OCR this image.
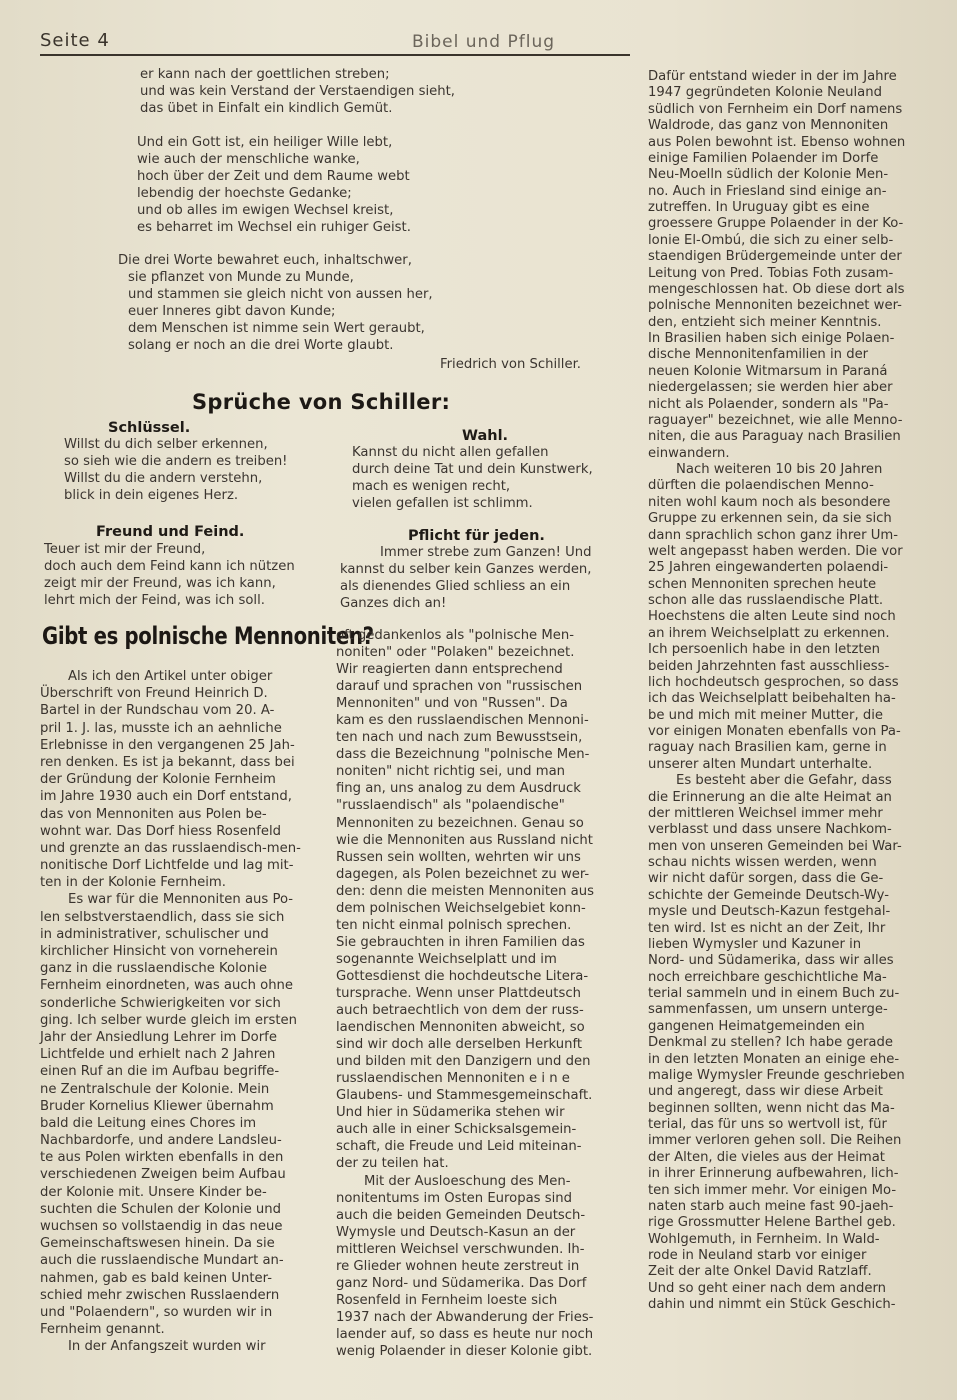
Seite 4	Bibel und Pflug
er kann nach der goettlichen streben;
und was kein Verstand der Verstaendigen sieht,
das übet in Einfalt ein kindlich Gemüt.
Und ein Gott ist, ein heiliger Wille lebt,
wie auch der menschliche wanke,
hoch über der Zeit und dem Raume webt
lebendig der hoechste Gedanke;
und ob alles im ewigen Wechsel kreist,
es beharret im Wechsel ein ruhiger Geist.
Die drei Worte bewahret euch, inhaltschwer,
sie pflanzet von Munde zu Munde,
und stammen sie gleich nicht von aussen her,
euer Inneres gibt davon Kunde;
dem Menschen ist nimme sein Wert geraubt,
solang er noch an die drei Worte glaubt.
Friedrich von Schiller.
Sprüche von Schiller:
Schlüssel.
Willst du dich selber erkennen,
so sieh wie die andern es treiben!
Willst du die andern verstehn,
blick in dein eigenes Herz.
Wahl.
Kannst du nicht allen gefallen
durch deine Tat und dein Kunstwerk,
mach es wenigen recht,
vielen gefallen ist schlimm.
Freund und Feind.
Teuer ist mir der Freund,
doch auch dem Feind kann ich nützen
zeigt mir der Freund, was ich kann,
lehrt mich der Feind, was ich soll.
Pflicht für jeden.
Immer strebe zum Ganzen! Und
kannst du selber kein Ganzes werden,
als dienendes Glied schliess an ein
Ganzes dich an!
Gibt es polnische Mennoniten?
Als ich den Artikel unter obiger
Überschrift von Freund Heinrich D.
Bartel in der Rundschau vom 20. A-
pril 1. J. las, musste ich an aehnliche
Erlebnisse in den vergangenen 25 Jah-
ren denken. Es ist ja bekannt, dass bei
der Gründung der Kolonie Fernheim
im Jahre 1930 auch ein Dorf entstand,
das von Mennoniten aus Polen be-
wohnt war. Das Dorf hiess Rosenfeld
und grenzte an das russlaendisch-men-
nonitische Dorf Lichtfelde und lag mit-
ten in der Kolonie Fernheim.
Es war für die Mennoniten aus Po-
len selbstverstaendlich, dass sie sich
in administrativer, schulischer und
kirchlicher Hinsicht von vorneherein
ganz in die russlaendische Kolonie
Fernheim einordneten, was auch ohne
sonderliche Schwierigkeiten vor sich
ging. Ich selber wurde gleich im ersten
Jahr der Ansiedlung Lehrer im Dorfe
Lichtfelde und erhielt nach 2 Jahren
einen Ruf an die im Aufbau begriffe-
ne Zentralschule der Kolonie. Mein
Bruder Kornelius Kliewer übernahm
bald die Leitung eines Chores im
Nachbardorfe, und andere Landsleu-
te aus Polen wirkten ebenfalls in den
verschiedenen Zweigen beim Aufbau
der Kolonie mit. Unsere Kinder be-
suchten die Schulen der Kolonie und
wuchsen so vollstaendig in das neue
Gemeinschaftswesen hinein. Da sie
auch die russlaendische Mundart an-
nahmen, gab es bald keinen Unter-
schied mehr zwischen Russlaendern
und "Polaendern", so wurden wir in
Fernheim genannt.
In der Anfangszeit wurden wir
oft gedankenlos als "polnische Men-
noniten" oder "Polaken" bezeichnet.
Wir reagierten dann entsprechend
darauf und sprachen von "russischen
Mennoniten" und von "Russen". Da
kam es den russlaendischen Mennoni-
ten nach und nach zum Bewusstsein,
dass die Bezeichnung "polnische Men-
noniten" nicht richtig sei, und man
fing an, uns analog zu dem Ausdruck
"russlaendisch" als "polaendische"
Mennoniten zu bezeichnen. Genau so
wie die Mennoniten aus Russland nicht
Russen sein wollten, wehrten wir uns
dagegen, als Polen bezeichnet zu wer-
den: denn die meisten Mennoniten aus
dem polnischen Weichselgebiet konn-
ten nicht einmal polnisch sprechen.
Sie gebrauchten in ihren Familien das
sogenannte Weichselplatt und im
Gottesdienst die hochdeutsche Litera-
tursprache. Wenn unser Plattdeutsch
auch betraechtlich von dem der russ-
laendischen Mennoniten abweicht, so
sind wir doch alle derselben Herkunft
und bilden mit den Danzigern und den
russlaendischen Mennoniten e i n e
Glaubens- und Stammesgemeinschaft.
Und hier in Südamerika stehen wir
auch alle in einer Schicksalsgemein-
schaft, die Freude und Leid miteinan-
der zu teilen hat.
Mit der Ausloeschung des Men-
nonitentums im Osten Europas sind
auch die beiden Gemeinden Deutsch-
Wymysle und Deutsch-Kasun an der
mittleren Weichsel verschwunden. Ih-
re Glieder wohnen heute zerstreut in
ganz Nord- und Südamerika. Das Dorf
Rosenfeld in Fernheim loeste sich
1937 nach der Abwanderung der Fries-
laender auf, so dass es heute nur noch
wenig Polaender in dieser Kolonie gibt.
Dafür entstand wieder in der im Jahre
1947 gegründeten Kolonie Neuland
südlich von Fernheim ein Dorf namens
Waldrode, das ganz von Mennoniten
aus Polen bewohnt ist. Ebenso wohnen
einige Familien Polaender im Dorfe
Neu-Moelln südlich der Kolonie Men-
no. Auch in Friesland sind einige an-
zutreffen. In Uruguay gibt es eine
groessere Gruppe Polaender in der Ko-
lonie El-Ombú, die sich zu einer selb-
staendigen Brüdergemeinde unter der
Leitung von Pred. Tobias Foth zusam-
mengeschlossen hat. Ob diese dort als
polnische Mennoniten bezeichnet wer-
den, entzieht sich meiner Kenntnis.
In Brasilien haben sich einige Polaen-
dische Mennonitenfamilien in der
neuen Kolonie Witmarsum in Paraná
niedergelassen; sie werden hier aber
nicht als Polaender, sondern als "Pa-
raguayer" bezeichnet, wie alle Menno-
niten, die aus Paraguay nach Brasilien
einwandern.
Nach weiteren 10 bis 20 Jahren
dürften die polaendischen Menno-
niten wohl kaum noch als besondere
Gruppe zu erkennen sein, da sie sich
dann sprachlich schon ganz ihrer Um-
welt angepasst haben werden. Die vor
25 Jahren eingewanderten polaendi-
schen Mennoniten sprechen heute
schon alle das russlaendische Platt.
Hoechstens die alten Leute sind noch
an ihrem Weichselplatt zu erkennen.
Ich persoenlich habe in den letzten
beiden Jahrzehnten fast ausschliess-
lich hochdeutsch gesprochen, so dass
ich das Weichselplatt beibehalten ha-
be und mich mit meiner Mutter, die
vor einigen Monaten ebenfalls von Pa-
raguay nach Brasilien kam, gerne in
unserer alten Mundart unterhalte.
Es besteht aber die Gefahr, dass
die Erinnerung an die alte Heimat an
der mittleren Weichsel immer mehr
verblasst und dass unsere Nachkom-
men von unseren Gemeinden bei War-
schau nichts wissen werden, wenn
wir nicht dafür sorgen, dass die Ge-
schichte der Gemeinde Deutsch-Wy-
mysle und Deutsch-Kazun festgehal-
ten wird. Ist es nicht an der Zeit, Ihr
lieben Wymysler und Kazuner in
Nord- und Südamerika, dass wir alles
noch erreichbare geschichtliche Ma-
terial sammeln und in einem Buch zu-
sammenfassen, um unsern unterge-
gangenen Heimatgemeinden ein
Denkmal zu stellen? Ich habe gerade
in den letzten Monaten an einige ehe-
malige Wymysler Freunde geschrieben
und angeregt, dass wir diese Arbeit
beginnen sollten, wenn nicht das Ma-
terial, das für uns so wertvoll ist, für
immer verloren gehen soll. Die Reihen
der Alten, die vieles aus der Heimat
in ihrer Erinnerung aufbewahren, lich-
ten sich immer mehr. Vor einigen Mo-
naten starb auch meine fast 90-jaeh-
rige Grossmutter Helene Barthel geb.
Wohlgemuth, in Fernheim. In Wald-
rode in Neuland starb vor einiger
Zeit der alte Onkel David Ratzlaff.
Und so geht einer nach dem andern
dahin und nimmt ein Stück Geschich-
